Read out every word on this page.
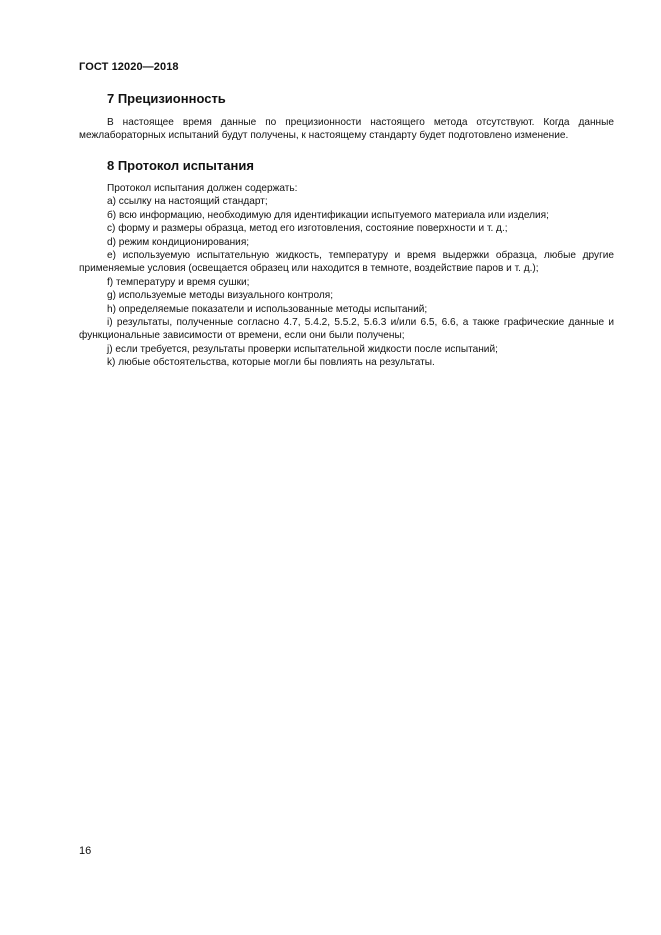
ГОСТ 12020—2018
7 Прецизионность

В настоящее время данные по прецизионности настоящего метода отсутствуют. Когда данные межлабораторных испытаний будут получены, к настоящему стандарту будет подготовлено изменение.

8 Протокол испытания

Протокол испытания должен содержать:

а) ссылку на настоящий стандарт;

б) всю информацию, необходимую для идентификации испытуемого материала или изделия;

c) форму и размеры образца, метод его изготовления, состояние поверхности и т. д.;

d) режим кондиционирования;

e) используемую испытательную жидкость, температуру и время выдержки образца, любые другие применяемые условия (освещается образец или находится в темноте, воздействие паров и т. д.);

f) температуру и время сушки;

g) используемые методы визуального контроля;

h) определяемые показатели и использованные методы испытаний;

i) результаты, полученные согласно 4.7, 5.4.2, 5.5.2, 5.6.3 и/или 6.5, 6.6, а также графические данные и функциональные зависимости от времени, если они были получены;

j) если требуется, результаты проверки испытательной жидкости после испытаний;

k) любые обстоятельства, которые могли бы повлиять на результаты.

16
